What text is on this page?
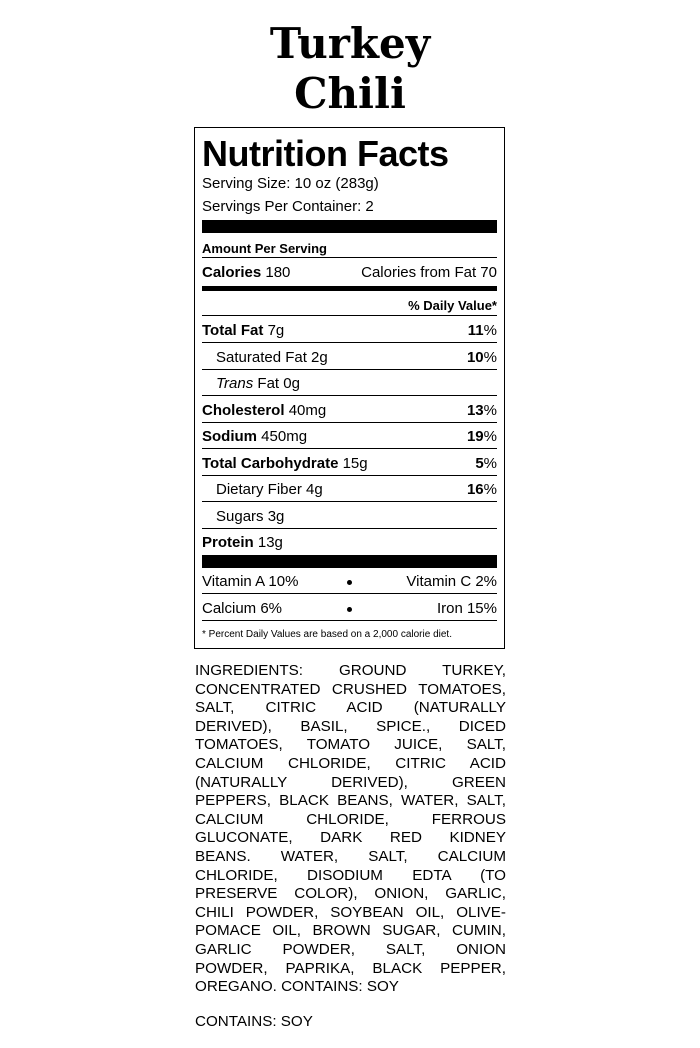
Turkey
Chili
Nutrition Facts
Serving Size: 10 oz (283g)
Servings Per Container: 2
Amount Per Serving
Calories 180	Calories from Fat 70
% Daily Value*
Total Fat 7g	11%
Saturated Fat 2g	10%
Trans Fat 0g
Cholesterol 40mg	13%
Sodium 450mg	19%
Total Carbohydrate 15g	5%
Dietary Fiber 4g	16%
Sugars 3g
Protein 13g
Vitamin A 10%	Vitamin C 2%
Calcium 6%	Iron 15%
* Percent Daily Values are based on a 2,000 calorie diet.
INGREDIENTS: GROUND TURKEY,
CONCENTRATED CRUSHED TOMATOES,
SALT, CITRIC ACID (NATURALLY
DERIVED), BASIL, SPICE., DICED
TOMATOES, TOMATO JUICE, SALT,
CALCIUM CHLORIDE, CITRIC ACID
(NATURALLY DERIVED), GREEN
PEPPERS, BLACK BEANS, WATER, SALT,
CALCIUM CHLORIDE, FERROUS
GLUCONATE, DARK RED KIDNEY
BEANS. WATER, SALT, CALCIUM
CHLORIDE, DISODIUM EDTA (TO
PRESERVE COLOR), ONION, GARLIC,
CHILI POWDER, SOYBEAN OIL, OLIVE-
POMACE OIL, BROWN SUGAR, CUMIN,
GARLIC POWDER, SALT, ONION
POWDER, PAPRIKA, BLACK PEPPER,
OREGANO. CONTAINS: SOY
CONTAINS: SOY
